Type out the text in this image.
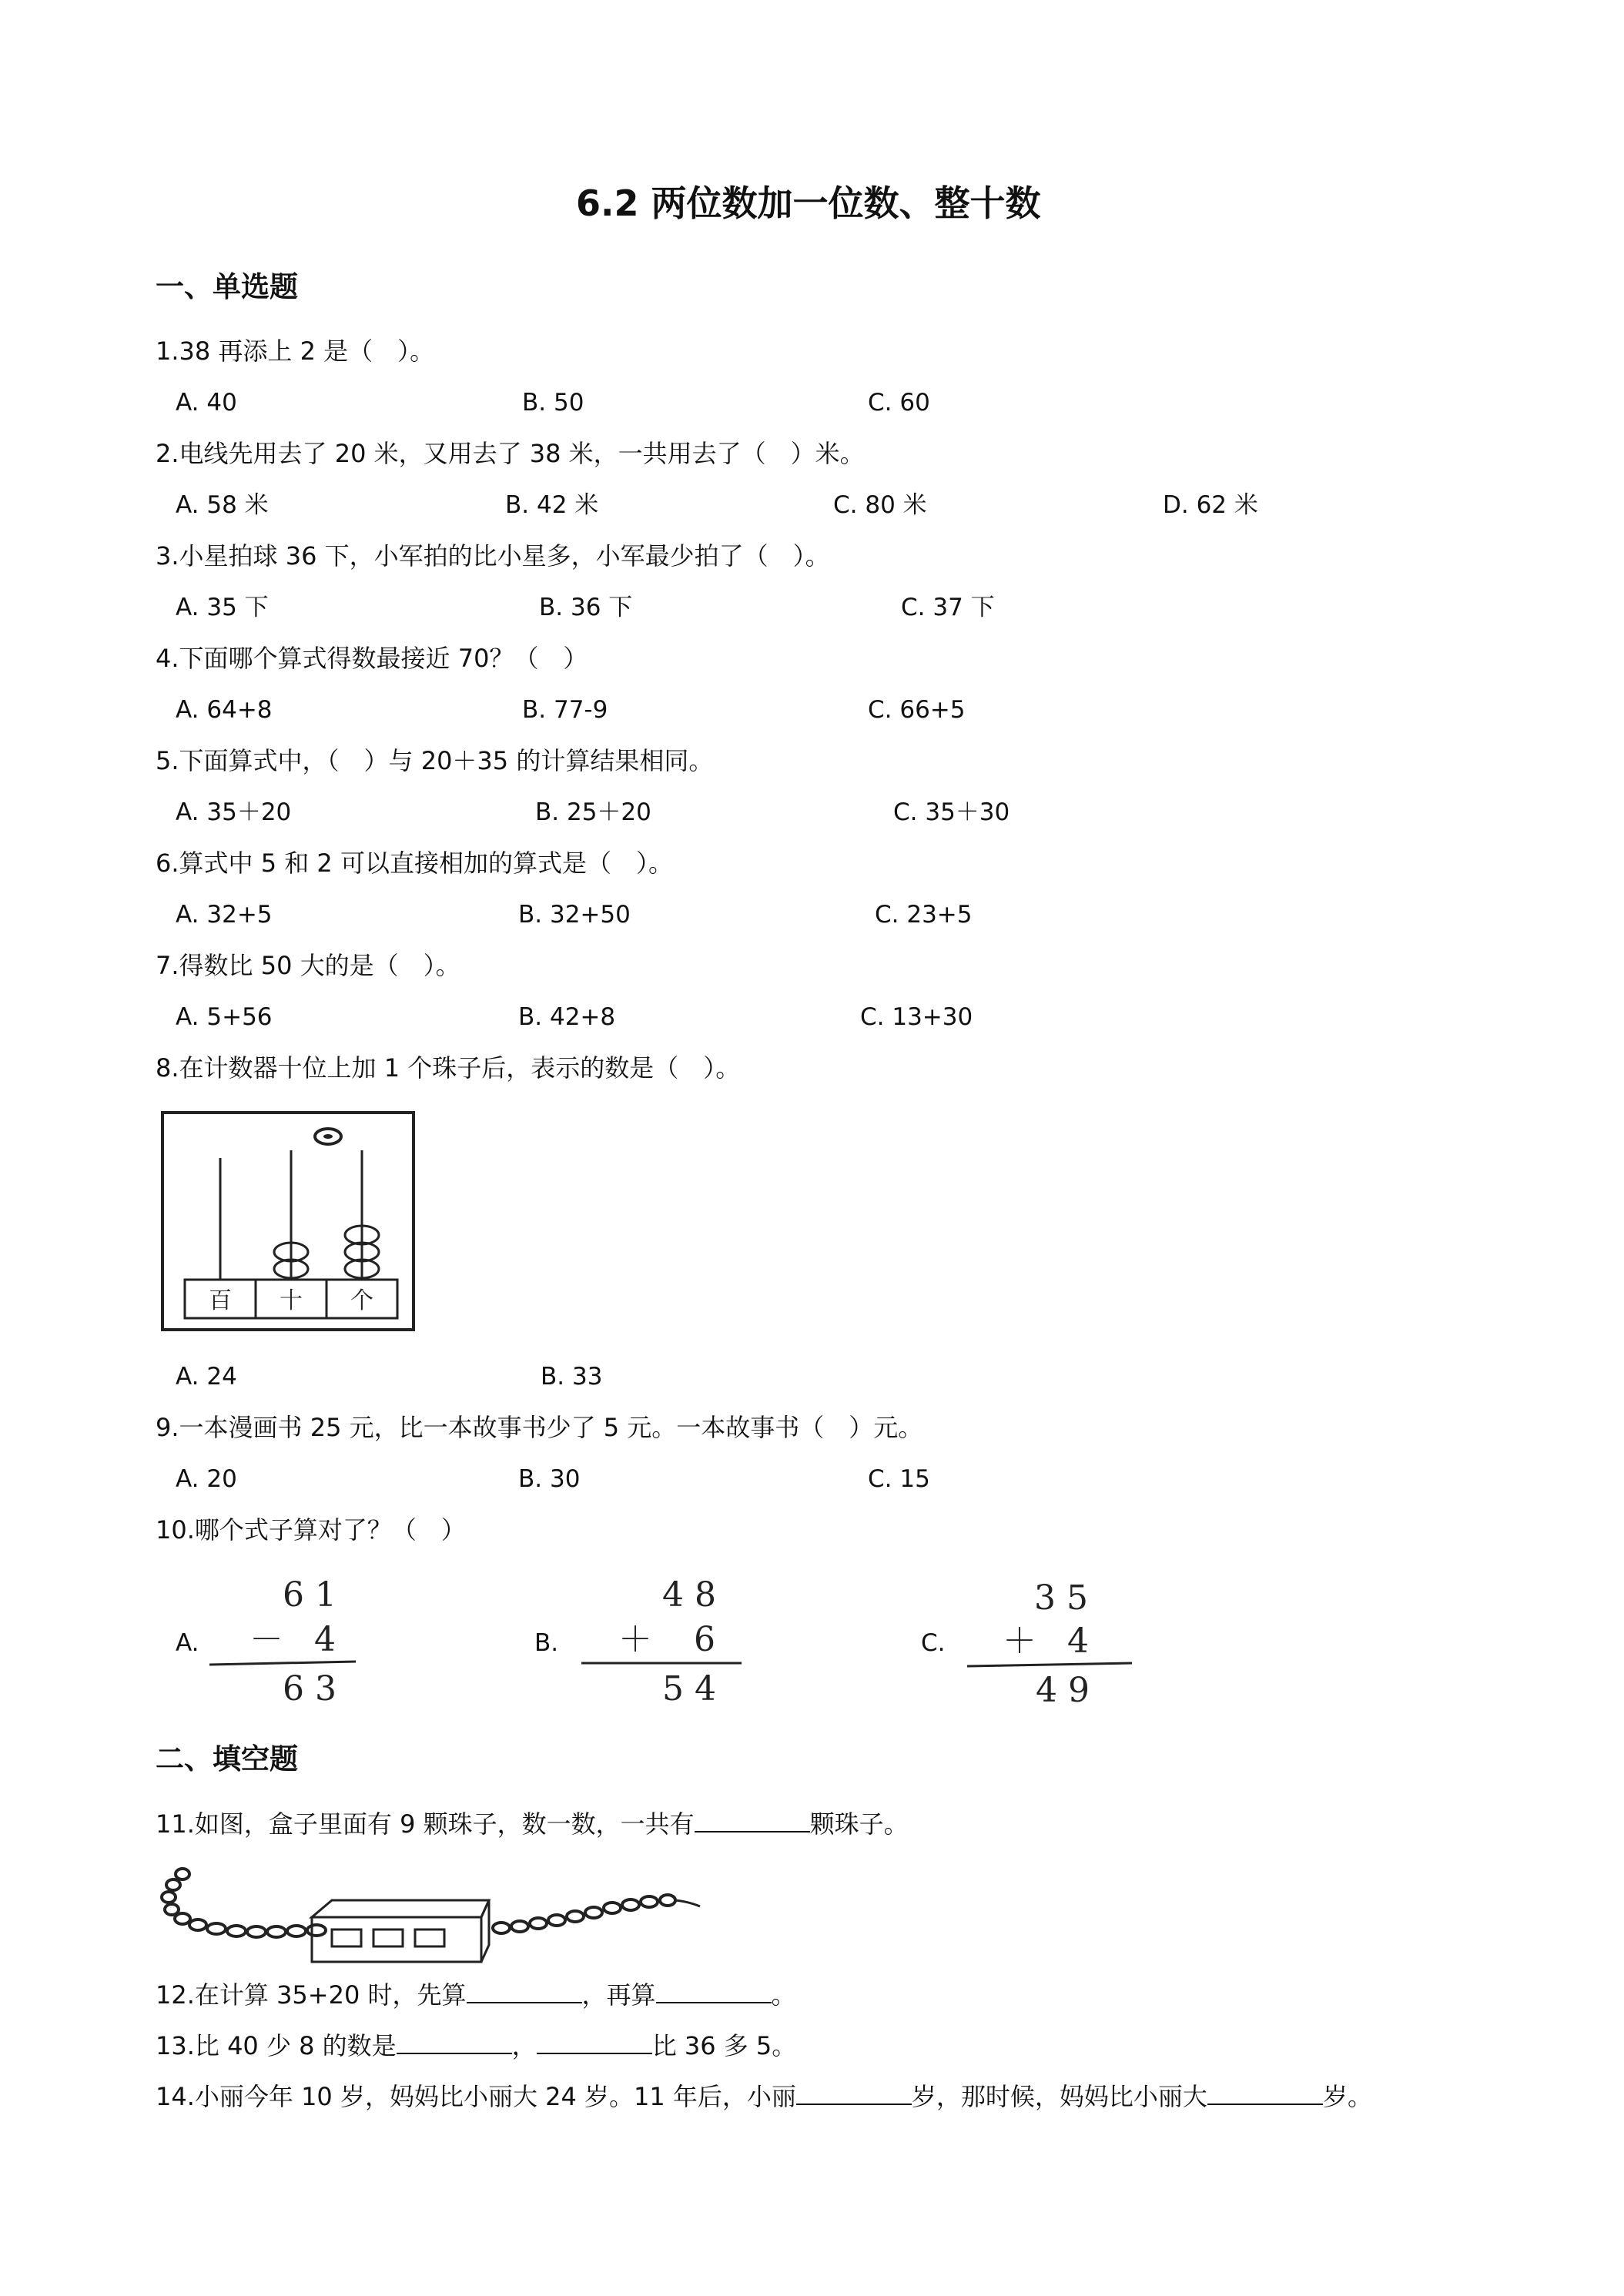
6.2 两位数加一位数、整十数
一、单选题
1.38 再添上 2 是（　）。
A. 40	B. 50	C. 60
2.电线先用去了 20 米，又用去了 38 米，一共用去了（　）米。
A. 58 米	B. 42 米	C. 80 米	D. 62 米
3.小星拍球 36 下，小军拍的比小星多，小军最少拍了（　）。
A. 35 下	B. 36 下	C. 37 下
4.下面哪个算式得数最接近 70？（　）
A. 64+8	B. 77-9	C. 66+5
5.下面算式中，（　）与 20＋35 的计算结果相同。
A. 35＋20	B. 25＋20	C. 35＋30
6.算式中 5 和 2 可以直接相加的算式是（　）。
A. 32+5	B. 32+50	C. 23+5
7.得数比 50 大的是（　）。
A. 5+56	B. 42+8	C. 13+30
8.在计数器十位上加 1 个珠子后，表示的数是（　）。
百 十 个
A. 24	B. 33
9.一本漫画书 25 元，比一本故事书少了 5 元。一本故事书（　）元。
A. 20	B. 30	C. 15
10.哪个式子算对了？（　）
A.
6 1
－ 4
6 3
B.
4 8
＋ 6
5 4
C.
3 5
＋ 4
4 9
二、填空题
11.如图，盒子里面有 9 颗珠子，数一数，一共有	颗珠子。
12.在计算 35+20 时，先算	，再算	。
13.比 40 少 8 的数是	，	比 36 多 5。
14.小丽今年 10 岁，妈妈比小丽大 24 岁。11 年后，小丽	岁，那时候，妈妈比小丽大	岁。
